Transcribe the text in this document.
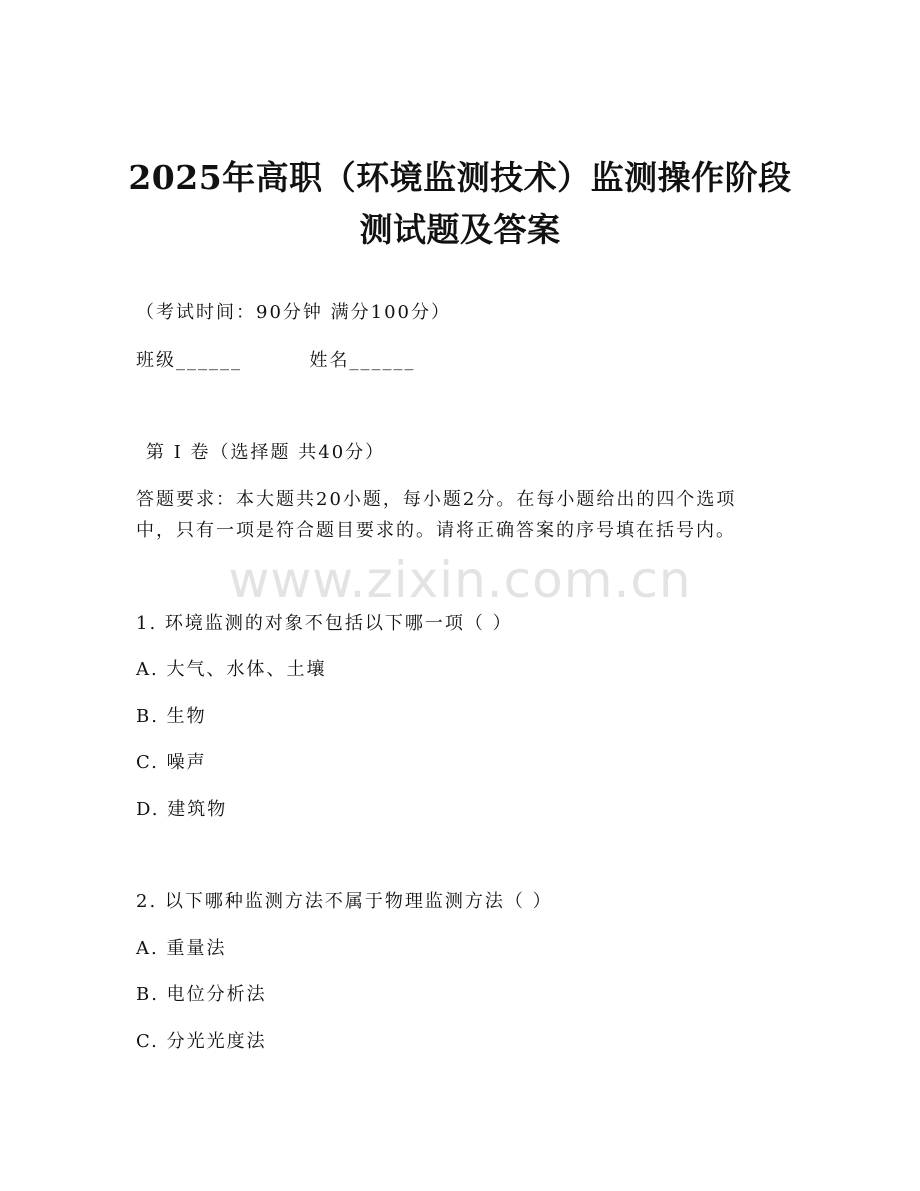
2025年高职（环境监测技术）监测操作阶段
测试题及答案
（考试时间：90分钟 满分100分）
班级______	姓名______
第 I 卷（选择题 共40分）
答题要求：本大题共20小题，每小题2分。在每小题给出的四个选项
中，只有一项是符合题目要求的。请将正确答案的序号填在括号内。
www.zixin.com.cn
1. 环境监测的对象不包括以下哪一项（ ）
A. 大气、水体、土壤
B. 生物
C. 噪声
D. 建筑物
2. 以下哪种监测方法不属于物理监测方法（ ）
A. 重量法
B. 电位分析法
C. 分光光度法
